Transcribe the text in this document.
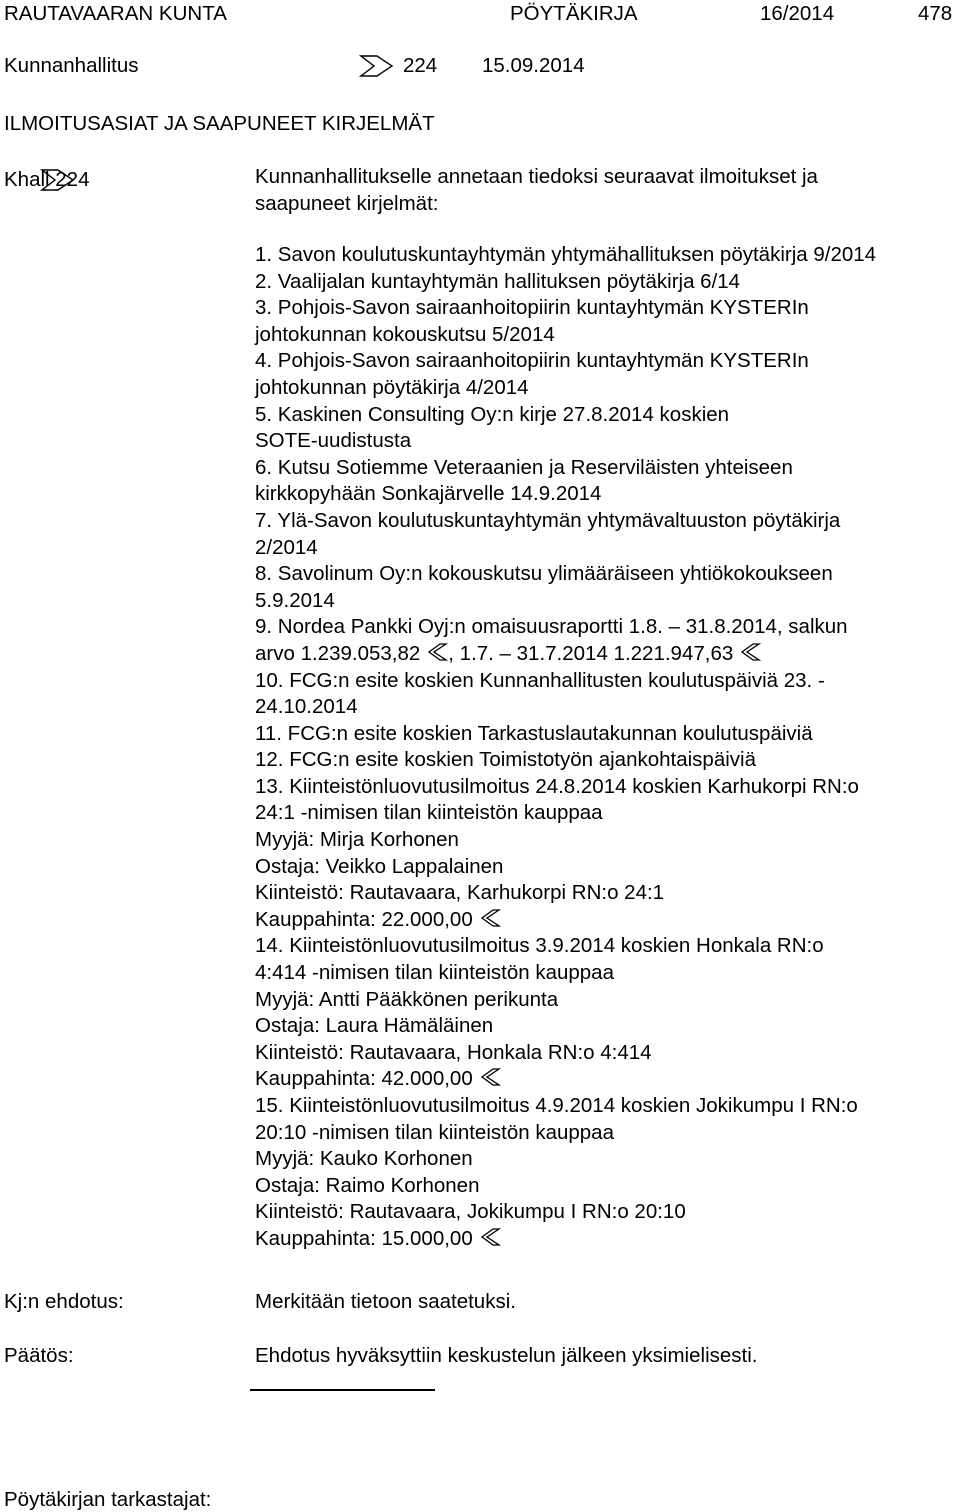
RAUTAVAARAN KUNTA	PÖYTÄKIRJA	16/2014	478
Kunnanhallitus	224 15.09.2014
ILMOITUSASIAT JA SAAPUNEET KIRJELMÄT
Khall 224	Kunnanhallitukselle annetaan tiedoksi seuraavat ilmoitukset ja
saapuneet kirjelmät:
1. Savon koulutuskuntayhtymän yhtymähallituksen pöytäkirja 9/2014
2. Vaalijalan kuntayhtymän hallituksen pöytäkirja 6/14
3. Pohjois-Savon sairaanhoitopiirin kuntayhtymän KYSTERIn
johtokunnan kokouskutsu 5/2014
4. Pohjois-Savon sairaanhoitopiirin kuntayhtymän KYSTERIn
johtokunnan pöytäkirja 4/2014
5. Kaskinen Consulting Oy:n kirje 27.8.2014 koskien
SOTE-uudistusta
6. Kutsu Sotiemme Veteraanien ja Reserviläisten yhteiseen
kirkkopyhään Sonkajärvelle 14.9.2014
7. Ylä-Savon koulutuskuntayhtymän yhtymävaltuuston pöytäkirja
2/2014
8. Savolinum Oy:n kokouskutsu ylimääräiseen yhtiökokoukseen
5.9.2014
9. Nordea Pankki Oyj:n omaisuusraportti 1.8. – 31.8.2014, salkun
arvo 1.239.053,82 , 1.7. – 31.7.2014 1.221.947,63
10. FCG:n esite koskien Kunnanhallitusten koulutuspäiviä 23. -
24.10.2014
11. FCG:n esite koskien Tarkastuslautakunnan koulutuspäiviä
12. FCG:n esite koskien Toimistotyön ajankohtaispäiviä
13. Kiinteistönluovutusilmoitus 24.8.2014 koskien Karhukorpi RN:o
24:1 -nimisen tilan kiinteistön kauppaa
Myyjä: Mirja Korhonen
Ostaja: Veikko Lappalainen
Kiinteistö: Rautavaara, Karhukorpi RN:o 24:1
Kauppahinta: 22.000,00
14. Kiinteistönluovutusilmoitus 3.9.2014 koskien Honkala RN:o
4:414 -nimisen tilan kiinteistön kauppaa
Myyjä: Antti Pääkkönen perikunta
Ostaja: Laura Hämäläinen
Kiinteistö: Rautavaara, Honkala RN:o 4:414
Kauppahinta: 42.000,00
15. Kiinteistönluovutusilmoitus 4.9.2014 koskien Jokikumpu I RN:o
20:10 -nimisen tilan kiinteistön kauppaa
Myyjä: Kauko Korhonen
Ostaja: Raimo Korhonen
Kiinteistö: Rautavaara, Jokikumpu I RN:o 20:10
Kauppahinta: 15.000,00
Kj:n ehdotus:	Merkitään tietoon saatetuksi.
Päätös:	Ehdotus hyväksyttiin keskustelun jälkeen yksimielisesti.
Pöytäkirjan tarkastajat:
